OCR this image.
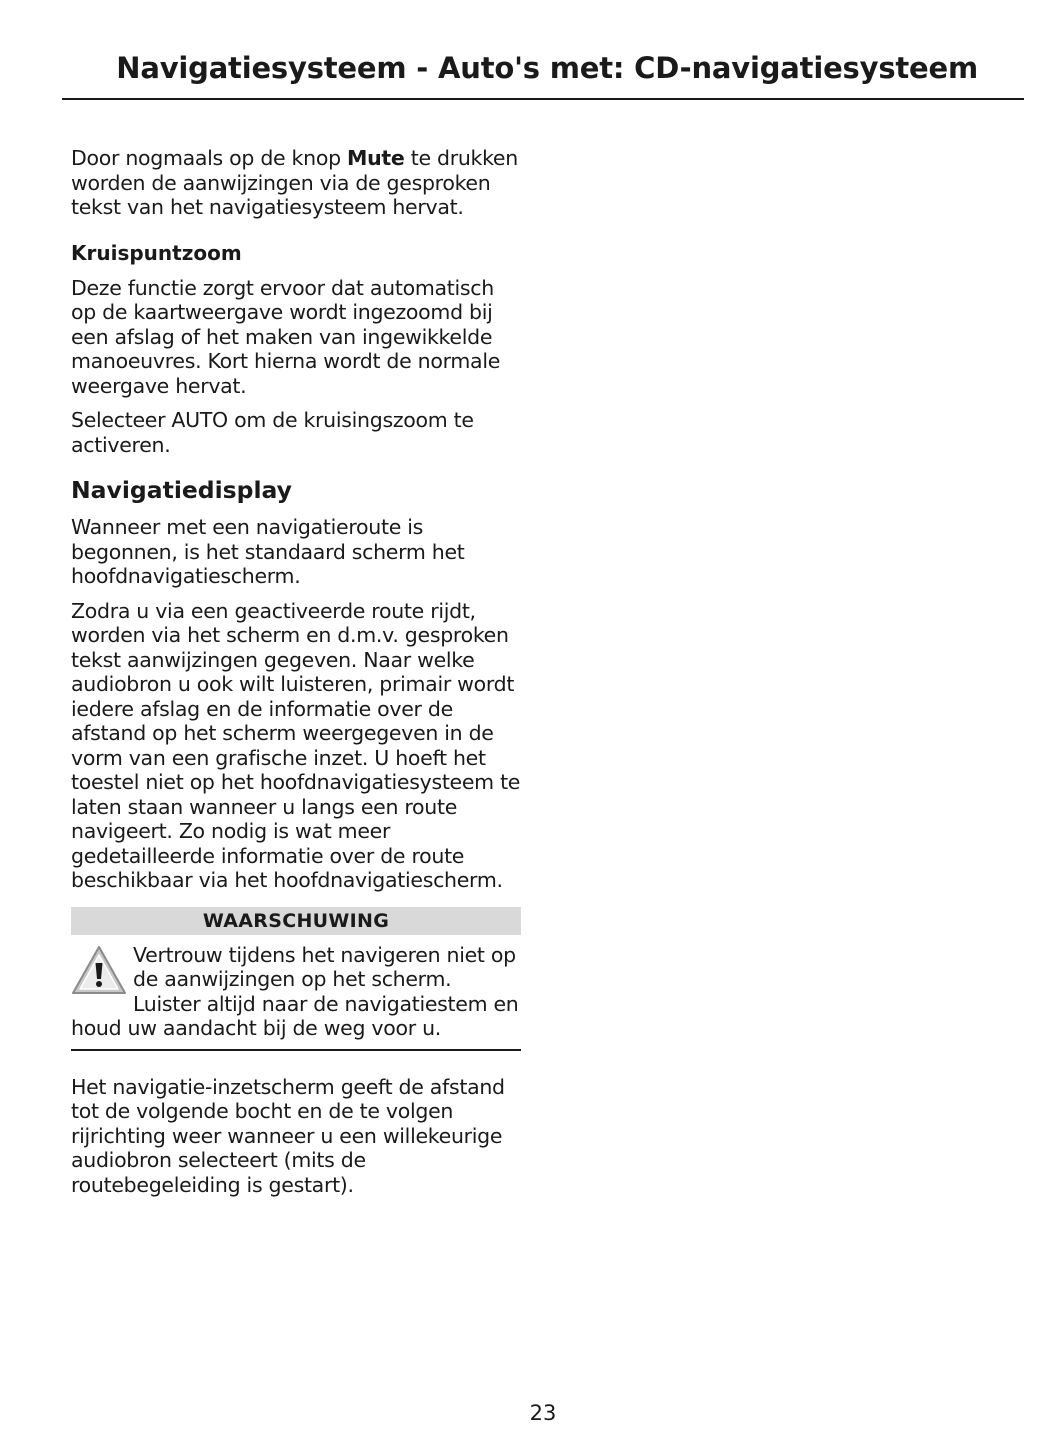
Navigatiesysteem - Auto's met: CD-navigatiesysteem

Door nogmaals op de knop Mute te drukken worden de aanwijzingen via de gesproken tekst van het navigatiesysteem hervat.

Kruispuntzoom

Deze functie zorgt ervoor dat automatisch op de kaartweergave wordt ingezoomd bij een afslag of het maken van ingewikkelde manoeuvres. Kort hierna wordt de normale weergave hervat.

Selecteer AUTO om de kruisingszoom te activeren.

Navigatiedisplay

Wanneer met een navigatieroute is begonnen, is het standaard scherm het hoofdnavigatiescherm.

Zodra u via een geactiveerde route rijdt, worden via het scherm en d.m.v. gesproken tekst aanwijzingen gegeven. Naar welke audiobron u ook wilt luisteren, primair wordt iedere afslag en de informatie over de afstand op het scherm weergegeven in de vorm van een grafische inzet. U hoeft het toestel niet op het hoofdnavigatiesysteem te laten staan wanneer u langs een route navigeert. Zo nodig is wat meer gedetailleerde informatie over de route beschikbaar via het hoofdnavigatiescherm.

WAARSCHUWING
Vertrouw tijdens het navigeren niet op de aanwijzingen op het scherm. Luister altijd naar de navigatiestem en houd uw aandacht bij de weg voor u.

Het navigatie-inzetscherm geeft de afstand tot de volgende bocht en de te volgen rijrichting weer wanneer u een willekeurige audiobron selecteert (mits de routebegeleiding is gestart).

23
